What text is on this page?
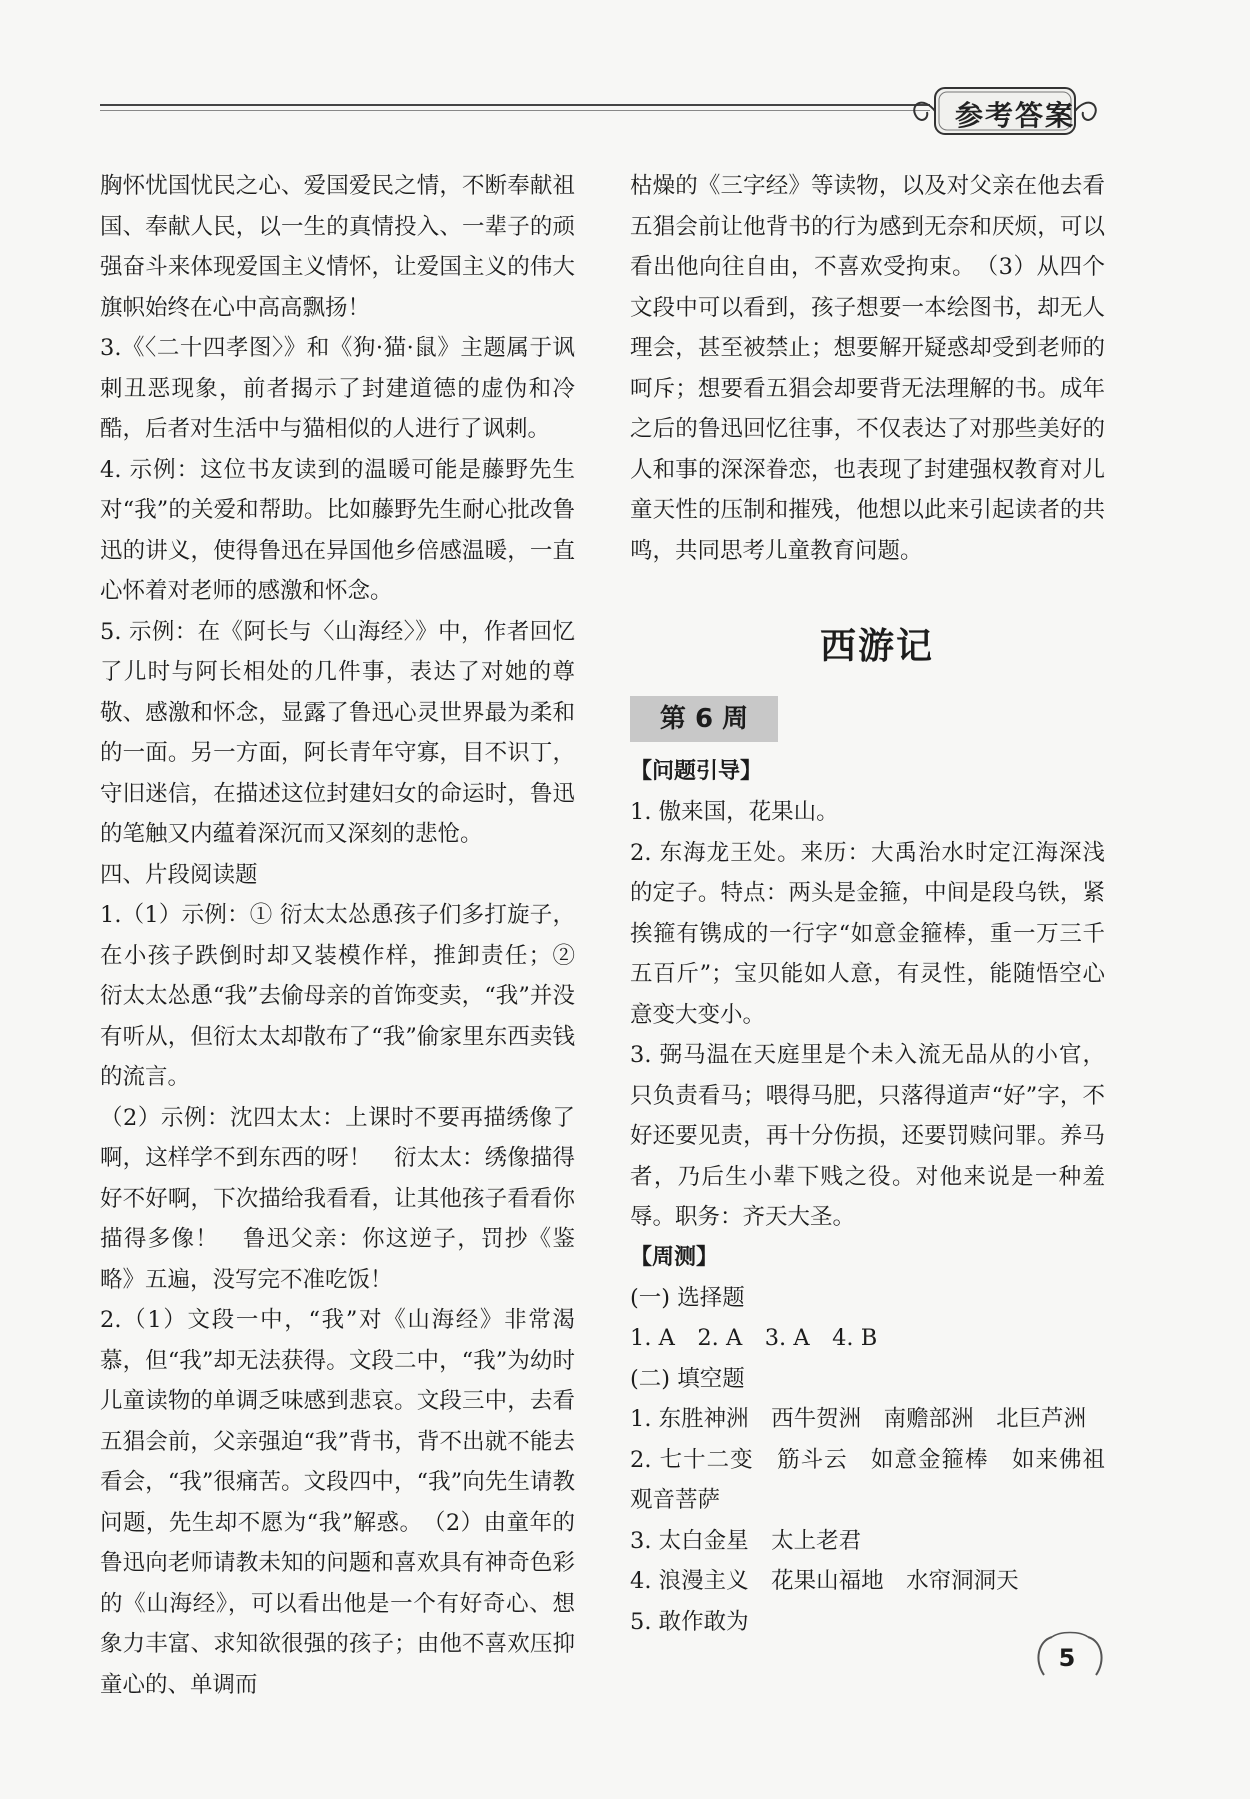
参考答案

胸怀忧国忧民之心、爱国爱民之情，不断奉献祖国、奉献人民，以一生的真情投入、一辈子的顽强奋斗来体现爱国主义情怀，让爱国主义的伟大旗帜始终在心中高高飘扬！

3.《〈二十四孝图〉》和《狗·猫·鼠》主题属于讽刺丑恶现象，前者揭示了封建道德的虚伪和冷酷，后者对生活中与猫相似的人进行了讽刺。

4. 示例：这位书友读到的温暖可能是藤野先生对“我”的关爱和帮助。比如藤野先生耐心批改鲁迅的讲义，使得鲁迅在异国他乡倍感温暖，一直心怀着对老师的感激和怀念。

5. 示例：在《阿长与〈山海经〉》中，作者回忆了儿时与阿长相处的几件事，表达了对她的尊敬、感激和怀念，显露了鲁迅心灵世界最为柔和的一面。另一方面，阿长青年守寡，目不识丁，守旧迷信，在描述这位封建妇女的命运时，鲁迅的笔触又内蕴着深沉而又深刻的悲怆。

四、片段阅读题

1.（1）示例：① 衍太太怂恿孩子们多打旋子，在小孩子跌倒时却又装模作样，推卸责任；② 衍太太怂恿“我”去偷母亲的首饰变卖，“我”并没有听从，但衍太太却散布了“我”偷家里东西卖钱的流言。

（2）示例：沈四太太：上课时不要再描绣像了啊，这样学不到东西的呀！　衍太太：绣像描得好不好啊，下次描给我看看，让其他孩子看看你描得多像！　鲁迅父亲：你这逆子，罚抄《鉴略》五遍，没写完不准吃饭！

2.（1）文段一中，“我”对《山海经》非常渴慕，但“我”却无法获得。文段二中，“我”为幼时儿童读物的单调乏味感到悲哀。文段三中，去看五猖会前，父亲强迫“我”背书，背不出就不能去看会，“我”很痛苦。文段四中，“我”向先生请教问题，先生却不愿为“我”解惑。　（2）由童年的鲁迅向老师请教未知的问题和喜欢具有神奇色彩的《山海经》，可以看出他是一个有好奇心、想象力丰富、求知欲很强的孩子；由他不喜欢压抑童心的、单调而

枯燥的《三字经》等读物，以及对父亲在他去看五猖会前让他背书的行为感到无奈和厌烦，可以看出他向往自由，不喜欢受拘束。　（3）从四个文段中可以看到，孩子想要一本绘图书，却无人理会，甚至被禁止；想要解开疑惑却受到老师的呵斥；想要看五猖会却要背无法理解的书。成年之后的鲁迅回忆往事，不仅表达了对那些美好的人和事的深深眷恋，也表现了封建强权教育对儿童天性的压制和摧残，他想以此来引起读者的共鸣，共同思考儿童教育问题。

西游记
第 6 周

【问题引导】

1. 傲来国，花果山。

2. 东海龙王处。来历：大禹治水时定江海深浅的定子。特点：两头是金箍，中间是段乌铁，紧挨箍有镌成的一行字“如意金箍棒，重一万三千五百斤”；宝贝能如人意，有灵性，能随悟空心意变大变小。

3. 弼马温在天庭里是个未入流无品从的小官，只负责看马；喂得马肥，只落得道声“好”字，不好还要见责，再十分伤损，还要罚赎问罪。养马者，乃后生小辈下贱之役。对他来说是一种羞辱。职务：齐天大圣。

【周测】

(一) 选择题

1. A　2. A　3. A　4. B

(二) 填空题

1. 东胜神洲　西牛贺洲　南赡部洲　北巨芦洲

2. 七十二变　筋斗云　如意金箍棒　如来佛祖　观音菩萨

3. 太白金星　太上老君

4. 浪漫主义　花果山福地　水帘洞洞天

5. 敢作敢为

5
